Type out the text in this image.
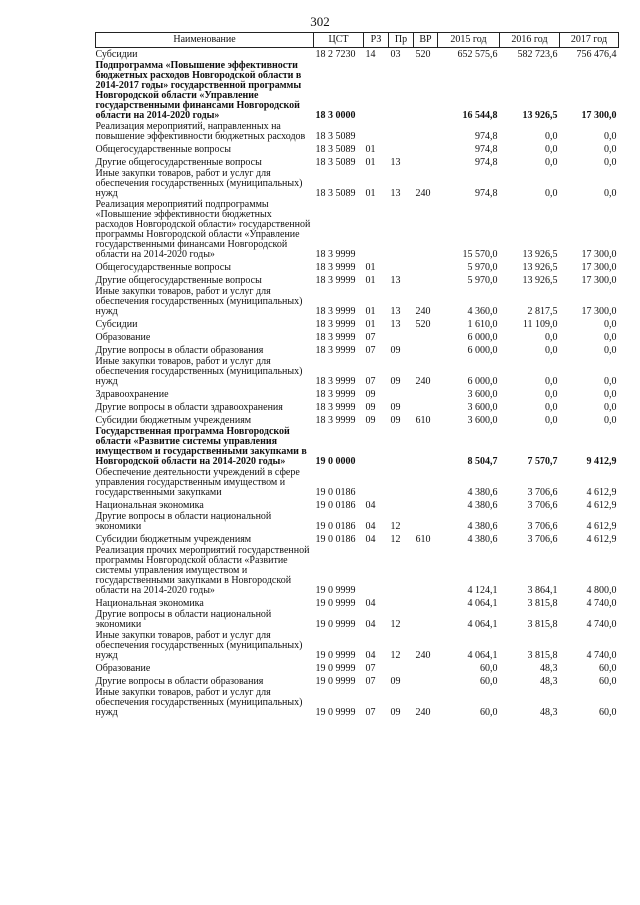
302
Наименование	ЦСТ	РЗ	Пр	ВР	2015 год	2016 год	2017 год
Субсидии	18 2 7230	14	03	520	652 575,6	582 723,6	756 476,4
Подпрограмма «Повышение эффективности бюджетных расходов Новгородской области в 2014-2017 годы» государственной программы Новгородской области «Управление государственными финансами Новгородской области на 2014-2020 годы»	18 3 0000				16 544,8	13 926,5	17 300,0
Реализация мероприятий, направленных на повышение эффективности бюджетных расходов	18 3 5089				974,8	0,0	0,0
Общегосударственные вопросы	18 3 5089	01			974,8	0,0	0,0
Другие общегосударственные вопросы	18 3 5089	01	13		974,8	0,0	0,0
Иные закупки товаров, работ и услуг для обеспечения государственных (муниципальных) нужд	18 3 5089	01	13	240	974,8	0,0	0,0
Реализация мероприятий подпрограммы «Повышение эффективности бюджетных расходов Новгородской области» государственной программы Новгородской области «Управление государственными финансами Новгородской области на 2014-2020 годы»	18 3 9999				15 570,0	13 926,5	17 300,0
Общегосударственные вопросы	18 3 9999	01			5 970,0	13 926,5	17 300,0
Другие общегосударственные вопросы	18 3 9999	01	13		5 970,0	13 926,5	17 300,0
Иные закупки товаров, работ и услуг для обеспечения государственных (муниципальных) нужд	18 3 9999	01	13	240	4 360,0	2 817,5	17 300,0
Субсидии	18 3 9999	01	13	520	1 610,0	11 109,0	0,0
Образование	18 3 9999	07			6 000,0	0,0	0,0
Другие вопросы в области образования	18 3 9999	07	09		6 000,0	0,0	0,0
Иные закупки товаров, работ и услуг для обеспечения государственных (муниципальных) нужд	18 3 9999	07	09	240	6 000,0	0,0	0,0
Здравоохранение	18 3 9999	09			3 600,0	0,0	0,0
Другие вопросы в области здравоохранения	18 3 9999	09	09		3 600,0	0,0	0,0
Субсидии бюджетным учреждениям	18 3 9999	09	09	610	3 600,0	0,0	0,0
Государственная программа Новгородской области «Развитие системы управления имуществом и государственными закупками в Новгородской области на 2014-2020 годы»	19 0 0000				8 504,7	7 570,7	9 412,9
Обеспечение деятельности учреждений в сфере управления государственным имуществом и государственными закупками	19 0 0186				4 380,6	3 706,6	4 612,9
Национальная экономика	19 0 0186	04			4 380,6	3 706,6	4 612,9
Другие вопросы в области национальной экономики	19 0 0186	04	12		4 380,6	3 706,6	4 612,9
Субсидии бюджетным учреждениям	19 0 0186	04	12	610	4 380,6	3 706,6	4 612,9
Реализация прочих мероприятий государственной программы Новгородской области «Развитие системы управления имуществом и государственными закупками в Новгородской области на 2014-2020 годы»	19 0 9999				4 124,1	3 864,1	4 800,0
Национальная экономика	19 0 9999	04			4 064,1	3 815,8	4 740,0
Другие вопросы в области национальной экономики	19 0 9999	04	12		4 064,1	3 815,8	4 740,0
Иные закупки товаров, работ и услуг для обеспечения государственных (муниципальных) нужд	19 0 9999	04	12	240	4 064,1	3 815,8	4 740,0
Образование	19 0 9999	07			60,0	48,3	60,0
Другие вопросы в области образования	19 0 9999	07	09		60,0	48,3	60,0
Иные закупки товаров, работ и услуг для обеспечения государственных (муниципальных) нужд	19 0 9999	07	09	240	60,0	48,3	60,0
